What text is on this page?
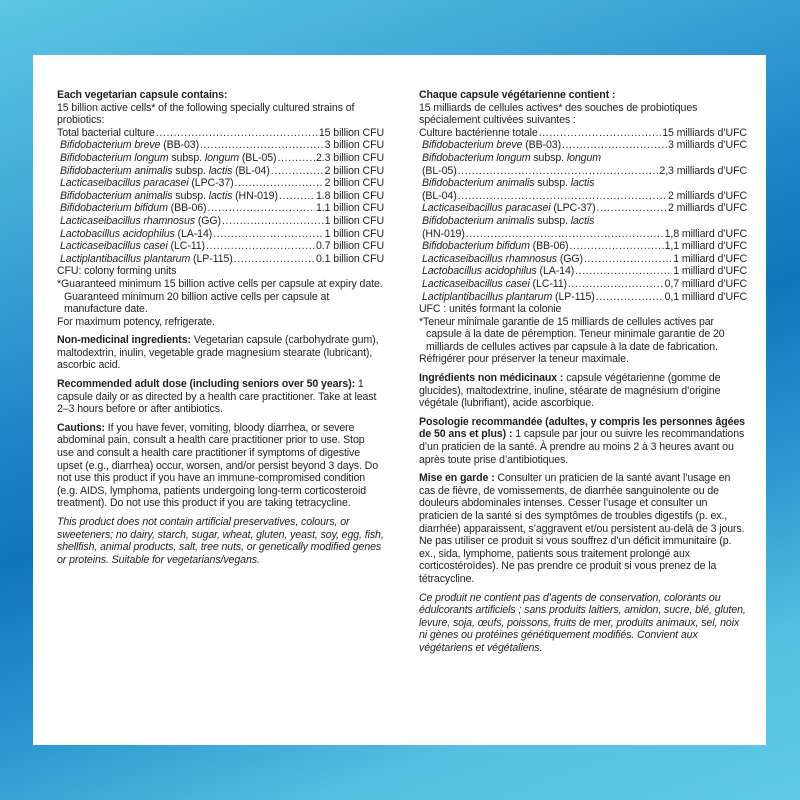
Each vegetarian capsule contains:

15 billion active cells* of the following specially cultured strains of probiotics:

Total bacterial culture .....	15 billion CFU
Bifidobacterium breve (BB-03) .....	3 billion CFU
Bifidobacterium longum subsp. longum (BL-05) .....	2.3 billion CFU
Bifidobacterium animalis subsp. lactis (BL-04) .....	2 billion CFU
Lacticaseibacillus paracasei (LPC-37) .....	2 billion CFU
Bifidobacterium animalis subsp. lactis (HN-019) .....	1.8 billion CFU
Bifidobacterium bifidum (BB-06) .....	1.1 billion CFU
Lacticaseibacillus rhamnosus (GG) .....	1 billion CFU
Lactobacillus acidophilus (LA-14) .....	1 billion CFU
Lacticaseibacillus casei (LC-11) .....	0.7 billion CFU
Lactiplantibacillus plantarum (LP-115) .....	0.1 billion CFU

CFU: colony forming units

*Guaranteed minimum 15 billion active cells per capsule at expiry date. Guaranteed minimum 20 billion active cells per capsule at manufacture date.

For maximum potency, refrigerate.

Non-medicinal ingredients: Vegetarian capsule (carbohydrate gum), maltodextrin, inulin, vegetable grade magnesium stearate (lubricant), ascorbic acid.

Recommended adult dose (including seniors over 50 years): 1 capsule daily or as directed by a health care practitioner. Take at least 2–3 hours before or after antibiotics.

Cautions: If you have fever, vomiting, bloody diarrhea, or severe abdominal pain, consult a health care practitioner prior to use. Stop use and consult a health care practitioner if symptoms of digestive upset (e.g., diarrhea) occur, worsen, and/or persist beyond 3 days. Do not use this product if you have an immune-compromised condition (e.g. AIDS, lymphoma, patients undergoing long-term corticosteroid treatment). Do not use this product if you are taking tetracycline.

This product does not contain artificial preservatives, colours, or sweeteners; no dairy, starch, sugar, wheat, gluten, yeast, soy, egg, fish, shellfish, animal products, salt, tree nuts, or genetically modified genes or proteins. Suitable for vegetarians/vegans.

Chaque capsule végétarienne contient :

15 milliards de cellules actives* des souches de probiotiques spécialement cultivées suivantes :

Culture bactérienne totale .....	15 milliards d’UFC
Bifidobacterium breve (BB-03) .....	3 milliards d’UFC
Bifidobacterium longum subsp. longum
(BL-05) .....	2,3 milliards d’UFC
Bifidobacterium animalis subsp. lactis
(BL-04) .....	2 milliards d’UFC
Lacticaseibacillus paracasei (LPC-37) .....	2 milliards d’UFC
Bifidobacterium animalis subsp. lactis
(HN-019) .....	1,8 milliard d’UFC
Bifidobacterium bifidum (BB-06) .....	1,1 milliard d’UFC
Lacticaseibacillus rhamnosus (GG) .....	1 milliard d’UFC
Lactobacillus acidophilus (LA-14) .....	1 milliard d’UFC
Lacticaseibacillus casei (LC-11) .....	0,7 milliard d’UFC
Lactiplantibacillus plantarum (LP-115) .....	0,1 milliard d’UFC

UFC : unités formant la colonie

*Teneur minimale garantie de 15 milliards de cellules actives par capsule à la date de péremption. Teneur minimale garantie de 20 milliards de cellules actives par capsule à la date de fabrication.

Réfrigérer pour préserver la teneur maximale.

Ingrédients non médicinaux : capsule végétarienne (gomme de glucides), maltodextrine, inuline, stéarate de magnésium d’origine végétale (lubrifiant), acide ascorbique.

Posologie recommandée (adultes, y compris les personnes âgées de 50 ans et plus) : 1 capsule par jour ou suivre les recommandations d’un praticien de la santé. À prendre au moins 2 à 3 heures avant ou après toute prise d’antibiotiques.

Mise en garde : Consulter un praticien de la santé avant l’usage en cas de fièvre, de vomissements, de diarrhée sanguinolente ou de douleurs abdominales intenses. Cesser l’usage et consulter un praticien de la santé si des symptômes de troubles digestifs (p. ex., diarrhée) apparaissent, s’aggravent et/ou persistent au-delà de 3 jours. Ne pas utiliser ce produit si vous souffrez d’un déficit immunitaire (p. ex., sida, lymphome, patients sous traitement prolongé aux corticostéroïdes). Ne pas prendre ce produit si vous prenez de la tétracycline.

Ce produit ne contient pas d’agents de conservation, colorants ou édulcorants artificiels ; sans produits laitiers, amidon, sucre, blé, gluten, levure, soja, œufs, poissons, fruits de mer, produits animaux, sel, noix ni gènes ou protéines génétiquement modifiés. Convient aux végétariens et végétaliens.
